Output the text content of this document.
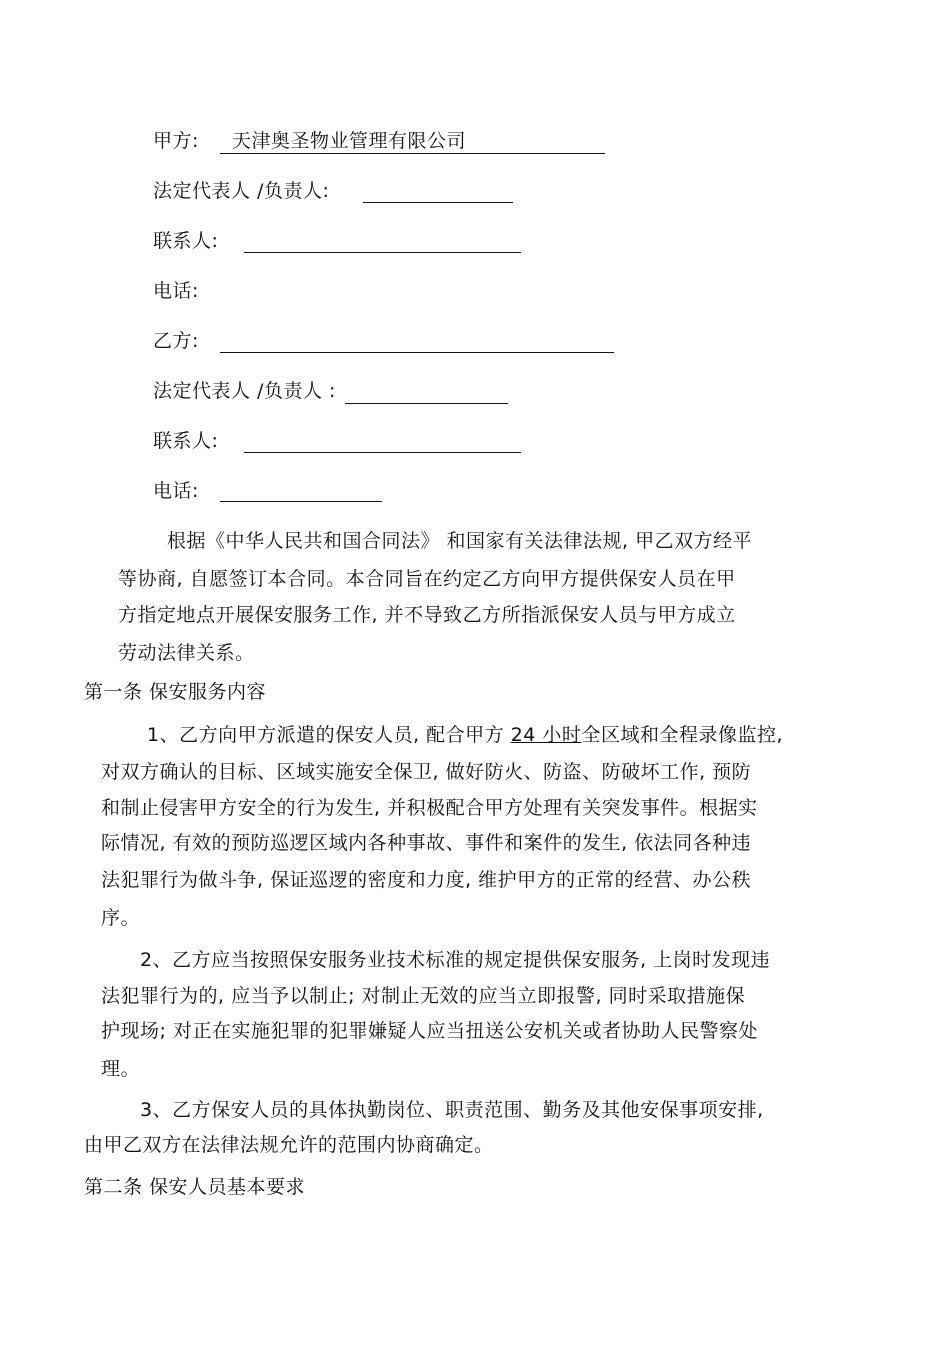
甲方: 天津奥圣物业管理有限公司
法定代表人 /负责人:
联系人:
电话:
乙方:
法定代表人 /负责人 :
联系人:
电话:
根据《中华人民共和国合同法》 和国家有关法律法规, 甲乙双方经平
等协商, 自愿签订本合同。本合同旨在约定乙方向甲方提供保安人员在甲
方指定地点开展保安服务工作, 并不导致乙方所指派保安人员与甲方成立
劳动法律关系。
第一条 保安服务内容
1、乙方向甲方派遣的保安人员, 配合甲方 24 小时全区域和全程录像监控,
对双方确认的目标、区域实施安全保卫, 做好防火、防盗、防破坏工作, 预防
和制止侵害甲方安全的行为发生, 并积极配合甲方处理有关突发事件。根据实
际情况, 有效的预防巡逻区域内各种事故、事件和案件的发生, 依法同各种违
法犯罪行为做斗争, 保证巡逻的密度和力度, 维护甲方的正常的经营、办公秩
序。
2、乙方应当按照保安服务业技术标准的规定提供保安服务, 上岗时发现违
法犯罪行为的, 应当予以制止; 对制止无效的应当立即报警, 同时采取措施保
护现场; 对正在实施犯罪的犯罪嫌疑人应当扭送公安机关或者协助人民警察处
理。
3、乙方保安人员的具体执勤岗位、职责范围、勤务及其他安保事项安排,
由甲乙双方在法律法规允许的范围内协商确定。
第二条 保安人员基本要求
